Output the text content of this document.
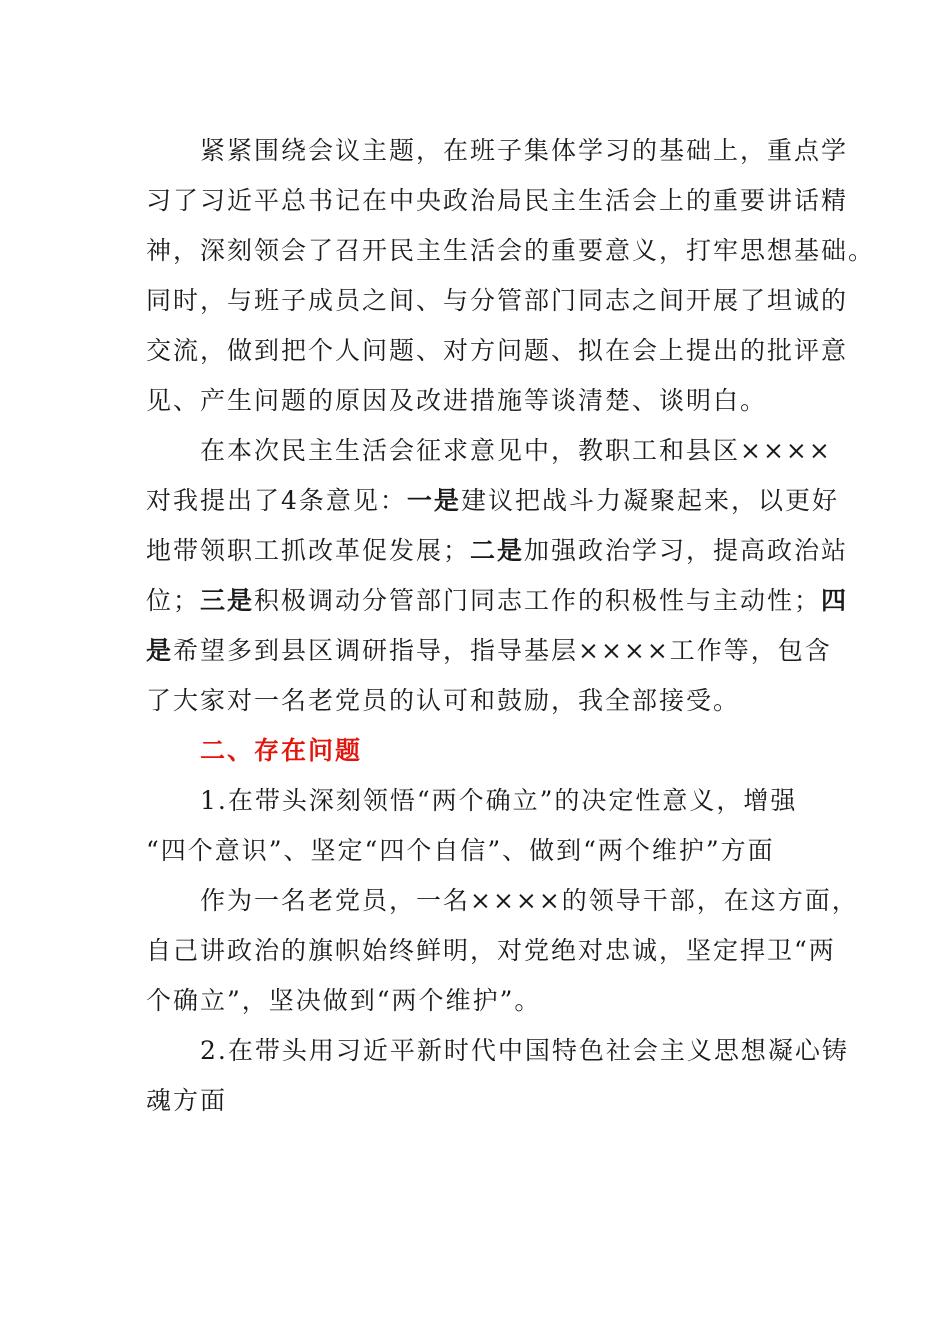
紧紧围绕会议主题，在班子集体学习的基础上，重点学
习了习近平总书记在中央政治局民主生活会上的重要讲话精
神，深刻领会了召开民主生活会的重要意义，打牢思想基础。
同时，与班子成员之间、与分管部门同志之间开展了坦诚的
交流，做到把个人问题、对方问题、拟在会上提出的批评意
见、产生问题的原因及改进措施等谈清楚、谈明白。
在本次民主生活会征求意见中，教职工和县区××××
对我提出了4条意见：一是建议把战斗力凝聚起来，以更好
地带领职工抓改革促发展；二是加强政治学习，提高政治站
位；三是积极调动分管部门同志工作的积极性与主动性；四
是希望多到县区调研指导，指导基层××××工作等，包含
了大家对一名老党员的认可和鼓励，我全部接受。
二、存在问题
1.在带头深刻领悟“两个确立”的决定性意义，增强
“四个意识”、坚定“四个自信”、做到“两个维护”方面
作为一名老党员，一名××××的领导干部，在这方面，
自己讲政治的旗帜始终鲜明，对党绝对忠诚，坚定捍卫“两
个确立”，坚决做到“两个维护”。
2.在带头用习近平新时代中国特色社会主义思想凝心铸
魂方面
